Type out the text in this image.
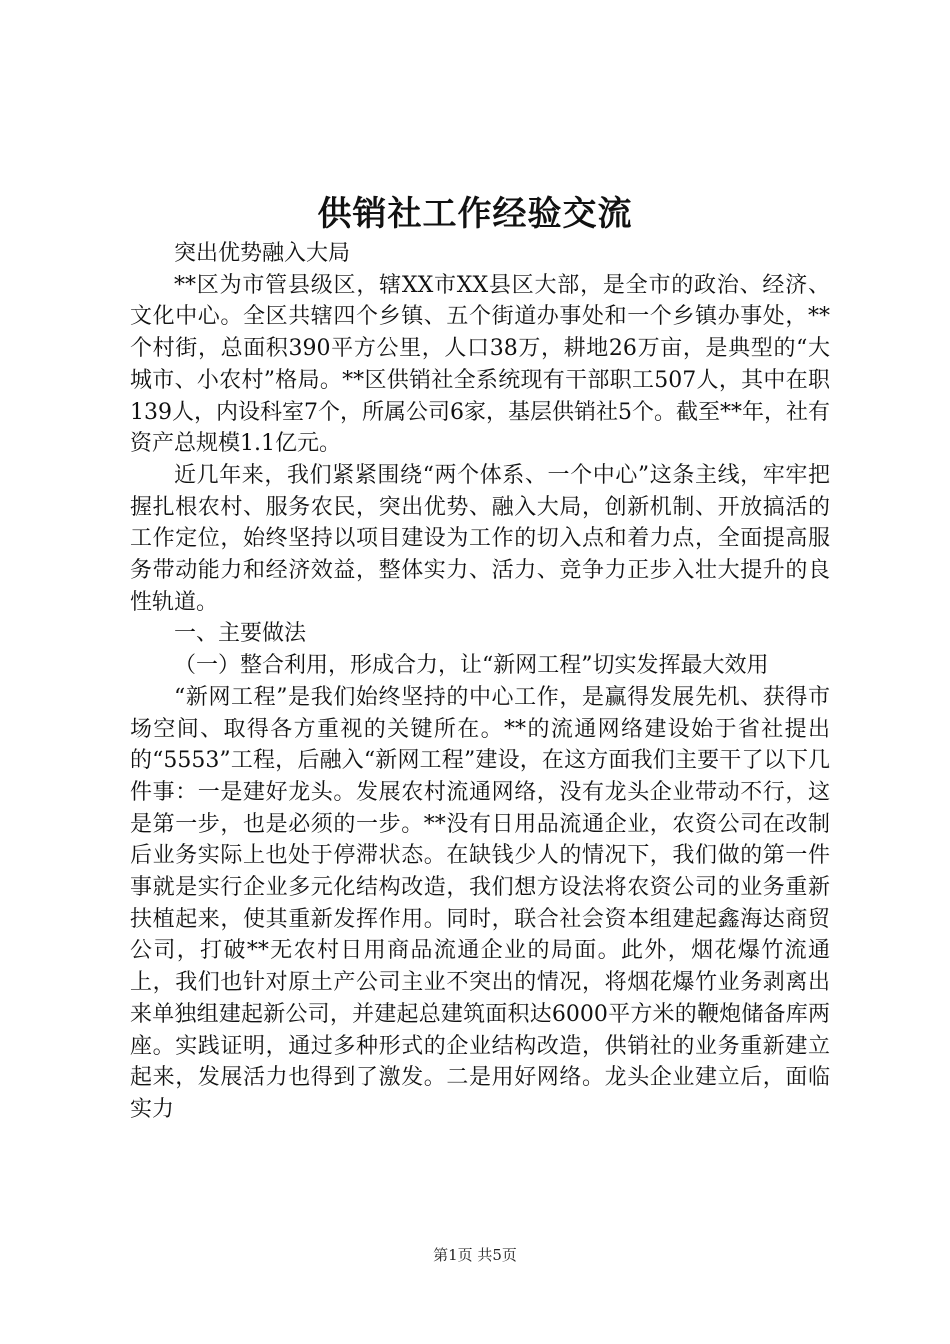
供销社工作经验交流

突出优势融入大局

**区为市管县级区，辖XX市XX县区大部，是全市的政治、经济、文化中心。全区共辖四个乡镇、五个街道办事处和一个乡镇办事处，**个村街，总面积390平方公里，人口38万，耕地26万亩，是典型的“大城市、小农村”格局。**区供销社全系统现有干部职工507人，其中在职139人，内设科室7个，所属公司6家，基层供销社5个。截至**年，社有资产总规模1.1亿元。

近几年来，我们紧紧围绕“两个体系、一个中心”这条主线，牢牢把握扎根农村、服务农民，突出优势、融入大局，创新机制、开放搞活的工作定位，始终坚持以项目建设为工作的切入点和着力点，全面提高服务带动能力和经济效益，整体实力、活力、竞争力正步入壮大提升的良性轨道。

一、主要做法

（一）整合利用，形成合力，让“新网工程”切实发挥最大效用

“新网工程”是我们始终坚持的中心工作，是赢得发展先机、获得市场空间、取得各方重视的关键所在。**的流通网络建设始于省社提出的“5553”工程，后融入“新网工程”建设，在这方面我们主要干了以下几件事：一是建好龙头。发展农村流通网络，没有龙头企业带动不行，这是第一步，也是必须的一步。**没有日用品流通企业，农资公司在改制后业务实际上也处于停滞状态。在缺钱少人的情况下，我们做的第一件事就是实行企业多元化结构改造，我们想方设法将农资公司的业务重新扶植起来，使其重新发挥作用。同时，联合社会资本组建起鑫海达商贸公司，打破**无农村日用商品流通企业的局面。此外，烟花爆竹流通上，我们也针对原土产公司主业不突出的情况，将烟花爆竹业务剥离出来单独组建起新公司，并建起总建筑面积达6000平方米的鞭炮储备库两座。实践证明，通过多种形式的企业结构改造，供销社的业务重新建立起来，发展活力也得到了激发。二是用好网络。龙头企业建立后，面临实力

第1页 共5页
